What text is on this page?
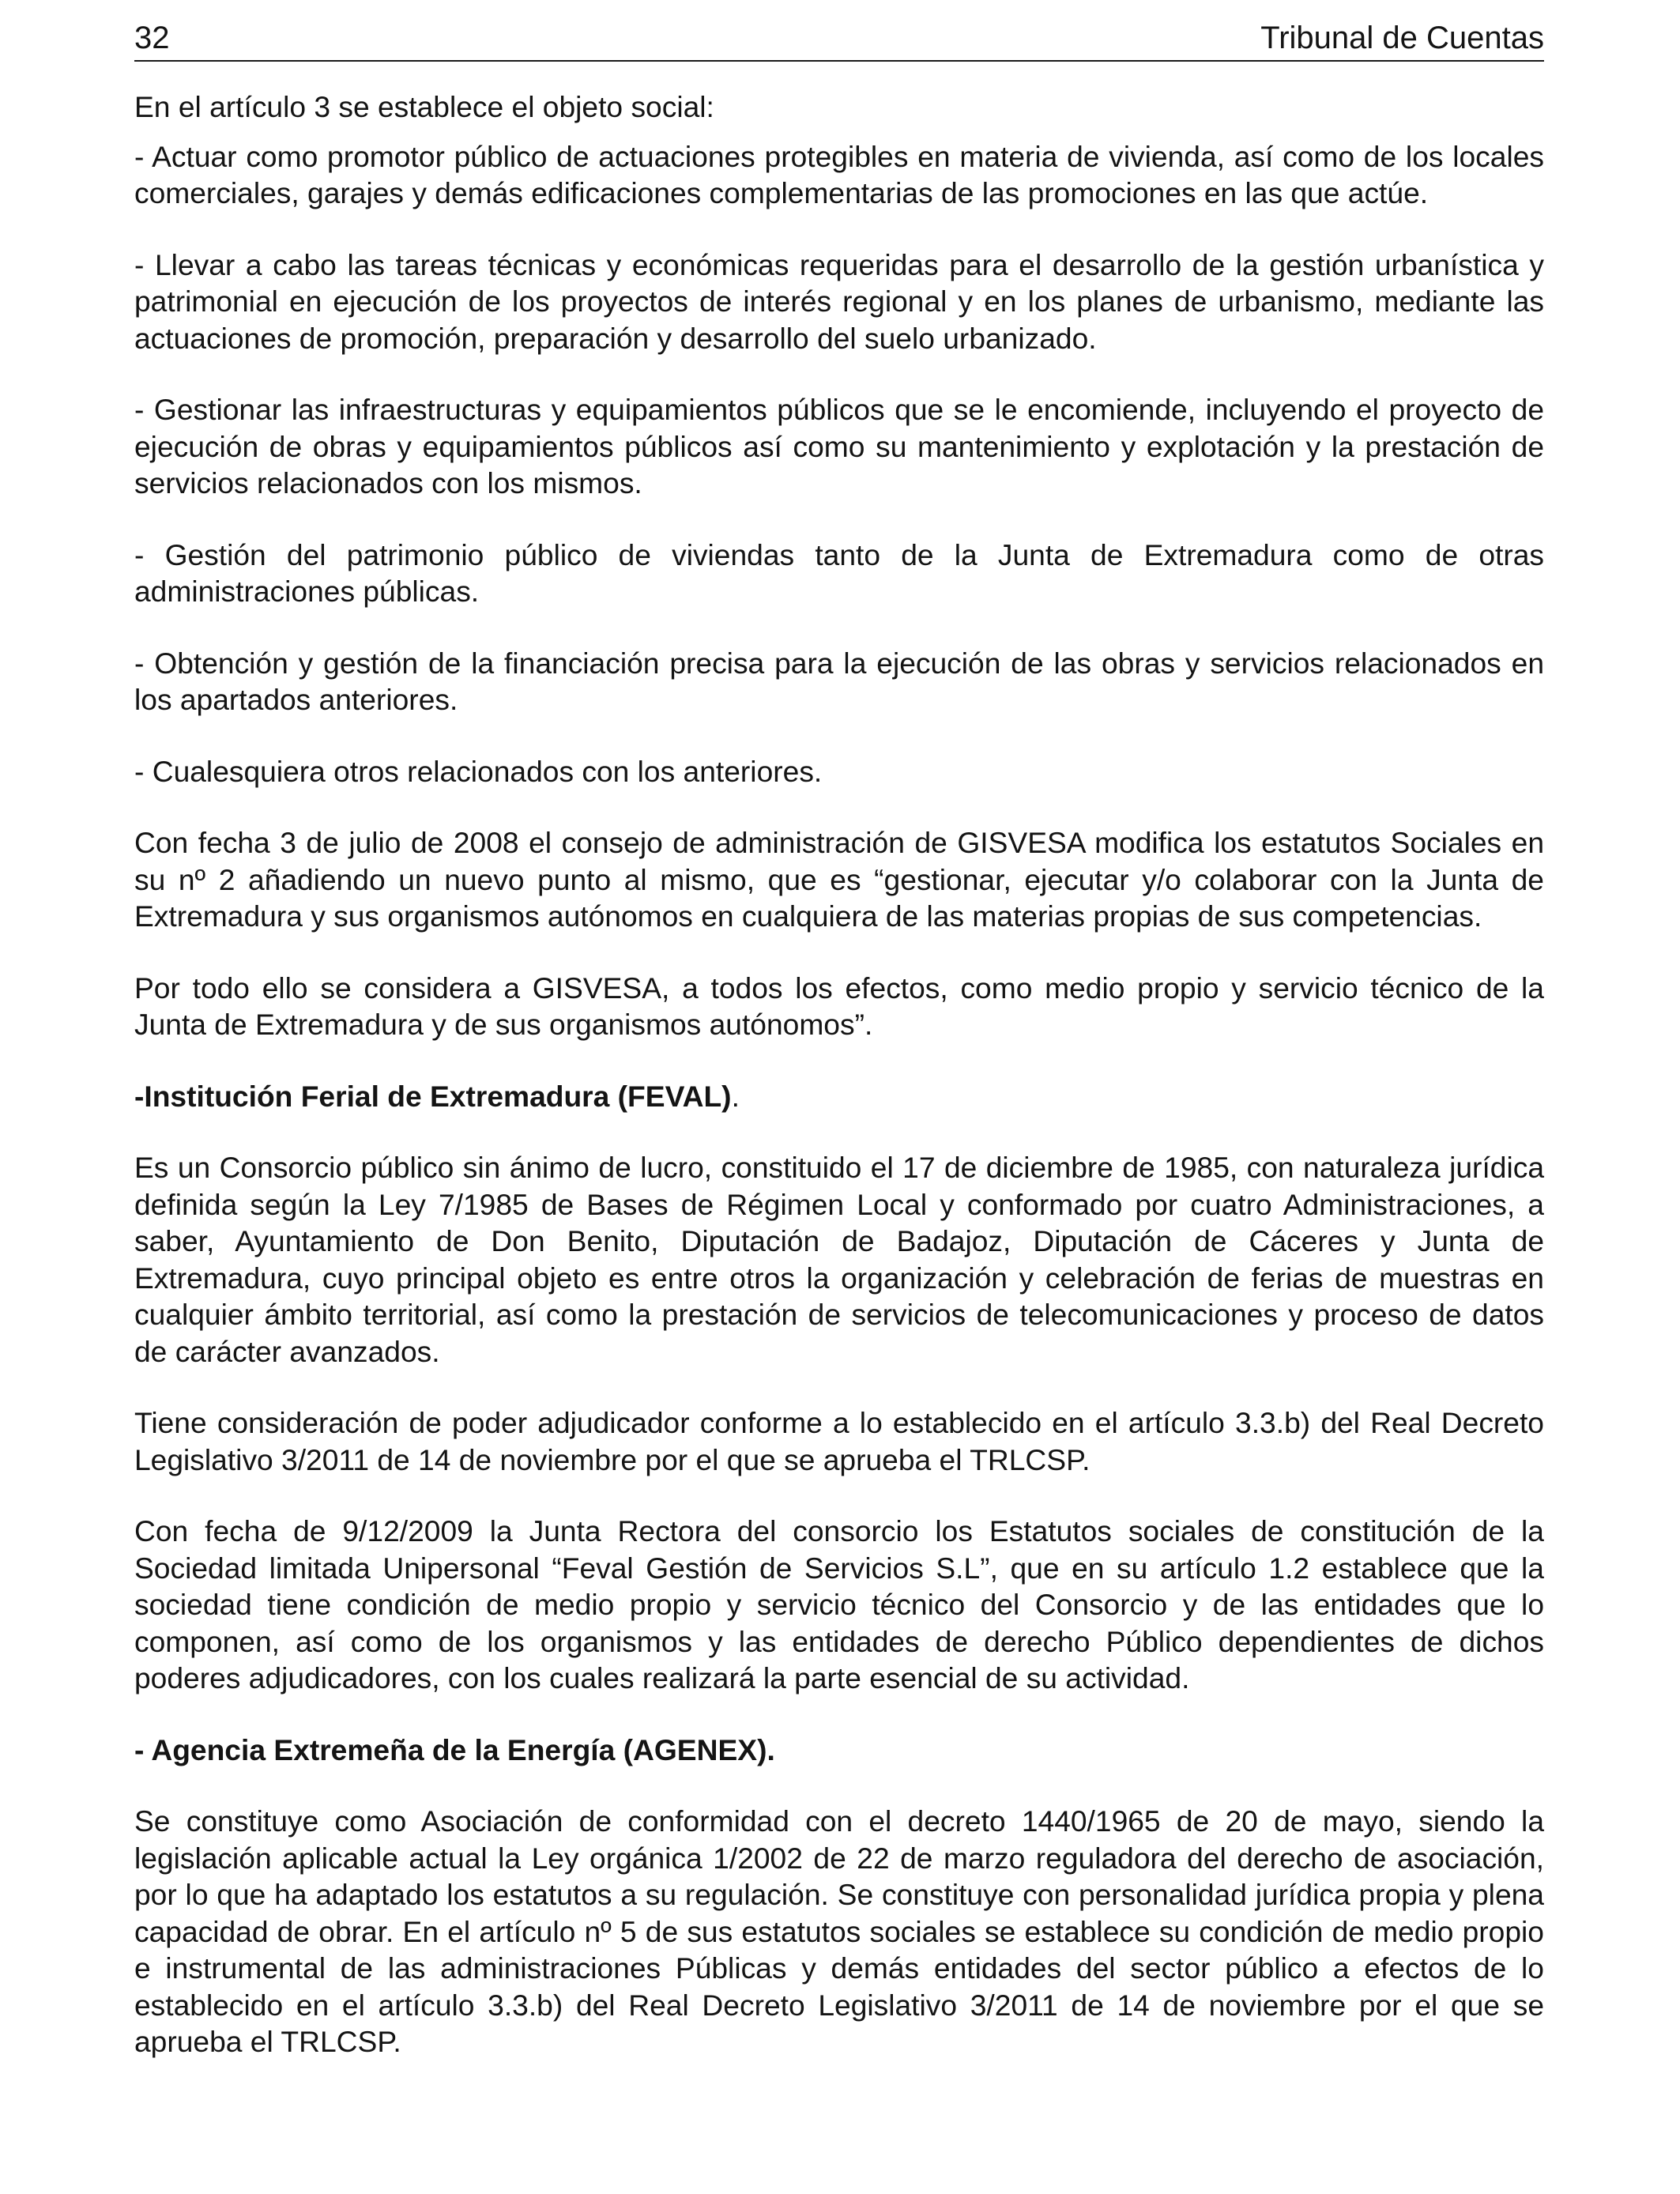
32	Tribunal de Cuentas

En el artículo 3 se establece el objeto social:

- Actuar como promotor público de actuaciones protegibles en materia de vivienda, así como de los locales comerciales, garajes y demás edificaciones complementarias de las promociones en las que actúe.

- Llevar a cabo las tareas técnicas y económicas requeridas para el desarrollo de la gestión urbanística y patrimonial en ejecución de los proyectos de interés regional y en los planes de urbanismo, mediante las actuaciones de promoción, preparación y desarrollo del suelo urbanizado.

- Gestionar las infraestructuras y equipamientos públicos que se le encomiende, incluyendo el proyecto de ejecución de obras y equipamientos públicos así como su mantenimiento y explotación y la prestación de servicios relacionados con los mismos.

- Gestión del patrimonio público de viviendas tanto de la Junta de Extremadura como de otras administraciones públicas.

- Obtención y gestión de la financiación precisa para la ejecución de las obras y servicios relacionados en los apartados anteriores.

- Cualesquiera otros relacionados con los anteriores.

Con fecha 3 de julio de 2008 el consejo de administración de GISVESA modifica los estatutos Sociales en su nº 2 añadiendo un nuevo punto al mismo, que es “gestionar, ejecutar y/o colaborar con la Junta de Extremadura y sus organismos autónomos en cualquiera de las materias propias de sus competencias.

Por todo ello se considera a GISVESA, a todos los efectos, como medio propio y servicio técnico de la Junta de Extremadura y de sus organismos autónomos”.

-Institución Ferial de Extremadura (FEVAL).

Es un Consorcio público sin ánimo de lucro, constituido el 17 de diciembre de 1985, con naturaleza jurídica definida según la Ley 7/1985 de Bases de Régimen Local y conformado por cuatro Administraciones, a saber, Ayuntamiento de Don Benito, Diputación de Badajoz, Diputación de Cáceres y Junta de Extremadura, cuyo principal objeto es entre otros la organización y celebración de ferias de muestras en cualquier ámbito territorial, así como la prestación de servicios de telecomunicaciones y proceso de datos de carácter avanzados.

Tiene consideración de poder adjudicador conforme a lo establecido en el artículo 3.3.b) del Real Decreto Legislativo 3/2011 de 14 de noviembre por el que se aprueba el TRLCSP.

Con fecha de 9/12/2009 la Junta Rectora del consorcio los Estatutos sociales de constitución de la Sociedad limitada Unipersonal “Feval Gestión de Servicios S.L”, que en su artículo 1.2 establece que la sociedad tiene condición de medio propio y servicio técnico del Consorcio y de las entidades que lo componen, así como de los organismos y las entidades de derecho Público dependientes de dichos poderes adjudicadores, con los cuales realizará la parte esencial de su actividad.

- Agencia Extremeña de la Energía (AGENEX).

Se constituye como Asociación de conformidad con el decreto 1440/1965 de 20 de mayo, siendo la legislación aplicable actual la Ley orgánica 1/2002 de 22 de marzo reguladora del derecho de asociación, por lo que ha adaptado los estatutos a su regulación. Se constituye con personalidad jurídica propia y plena capacidad de obrar. En el artículo nº 5 de sus estatutos sociales se establece su condición de medio propio e instrumental de las administraciones Públicas y demás entidades del sector público a efectos de lo establecido en el artículo 3.3.b) del Real Decreto Legislativo 3/2011 de 14 de noviembre por el que se aprueba el TRLCSP.
